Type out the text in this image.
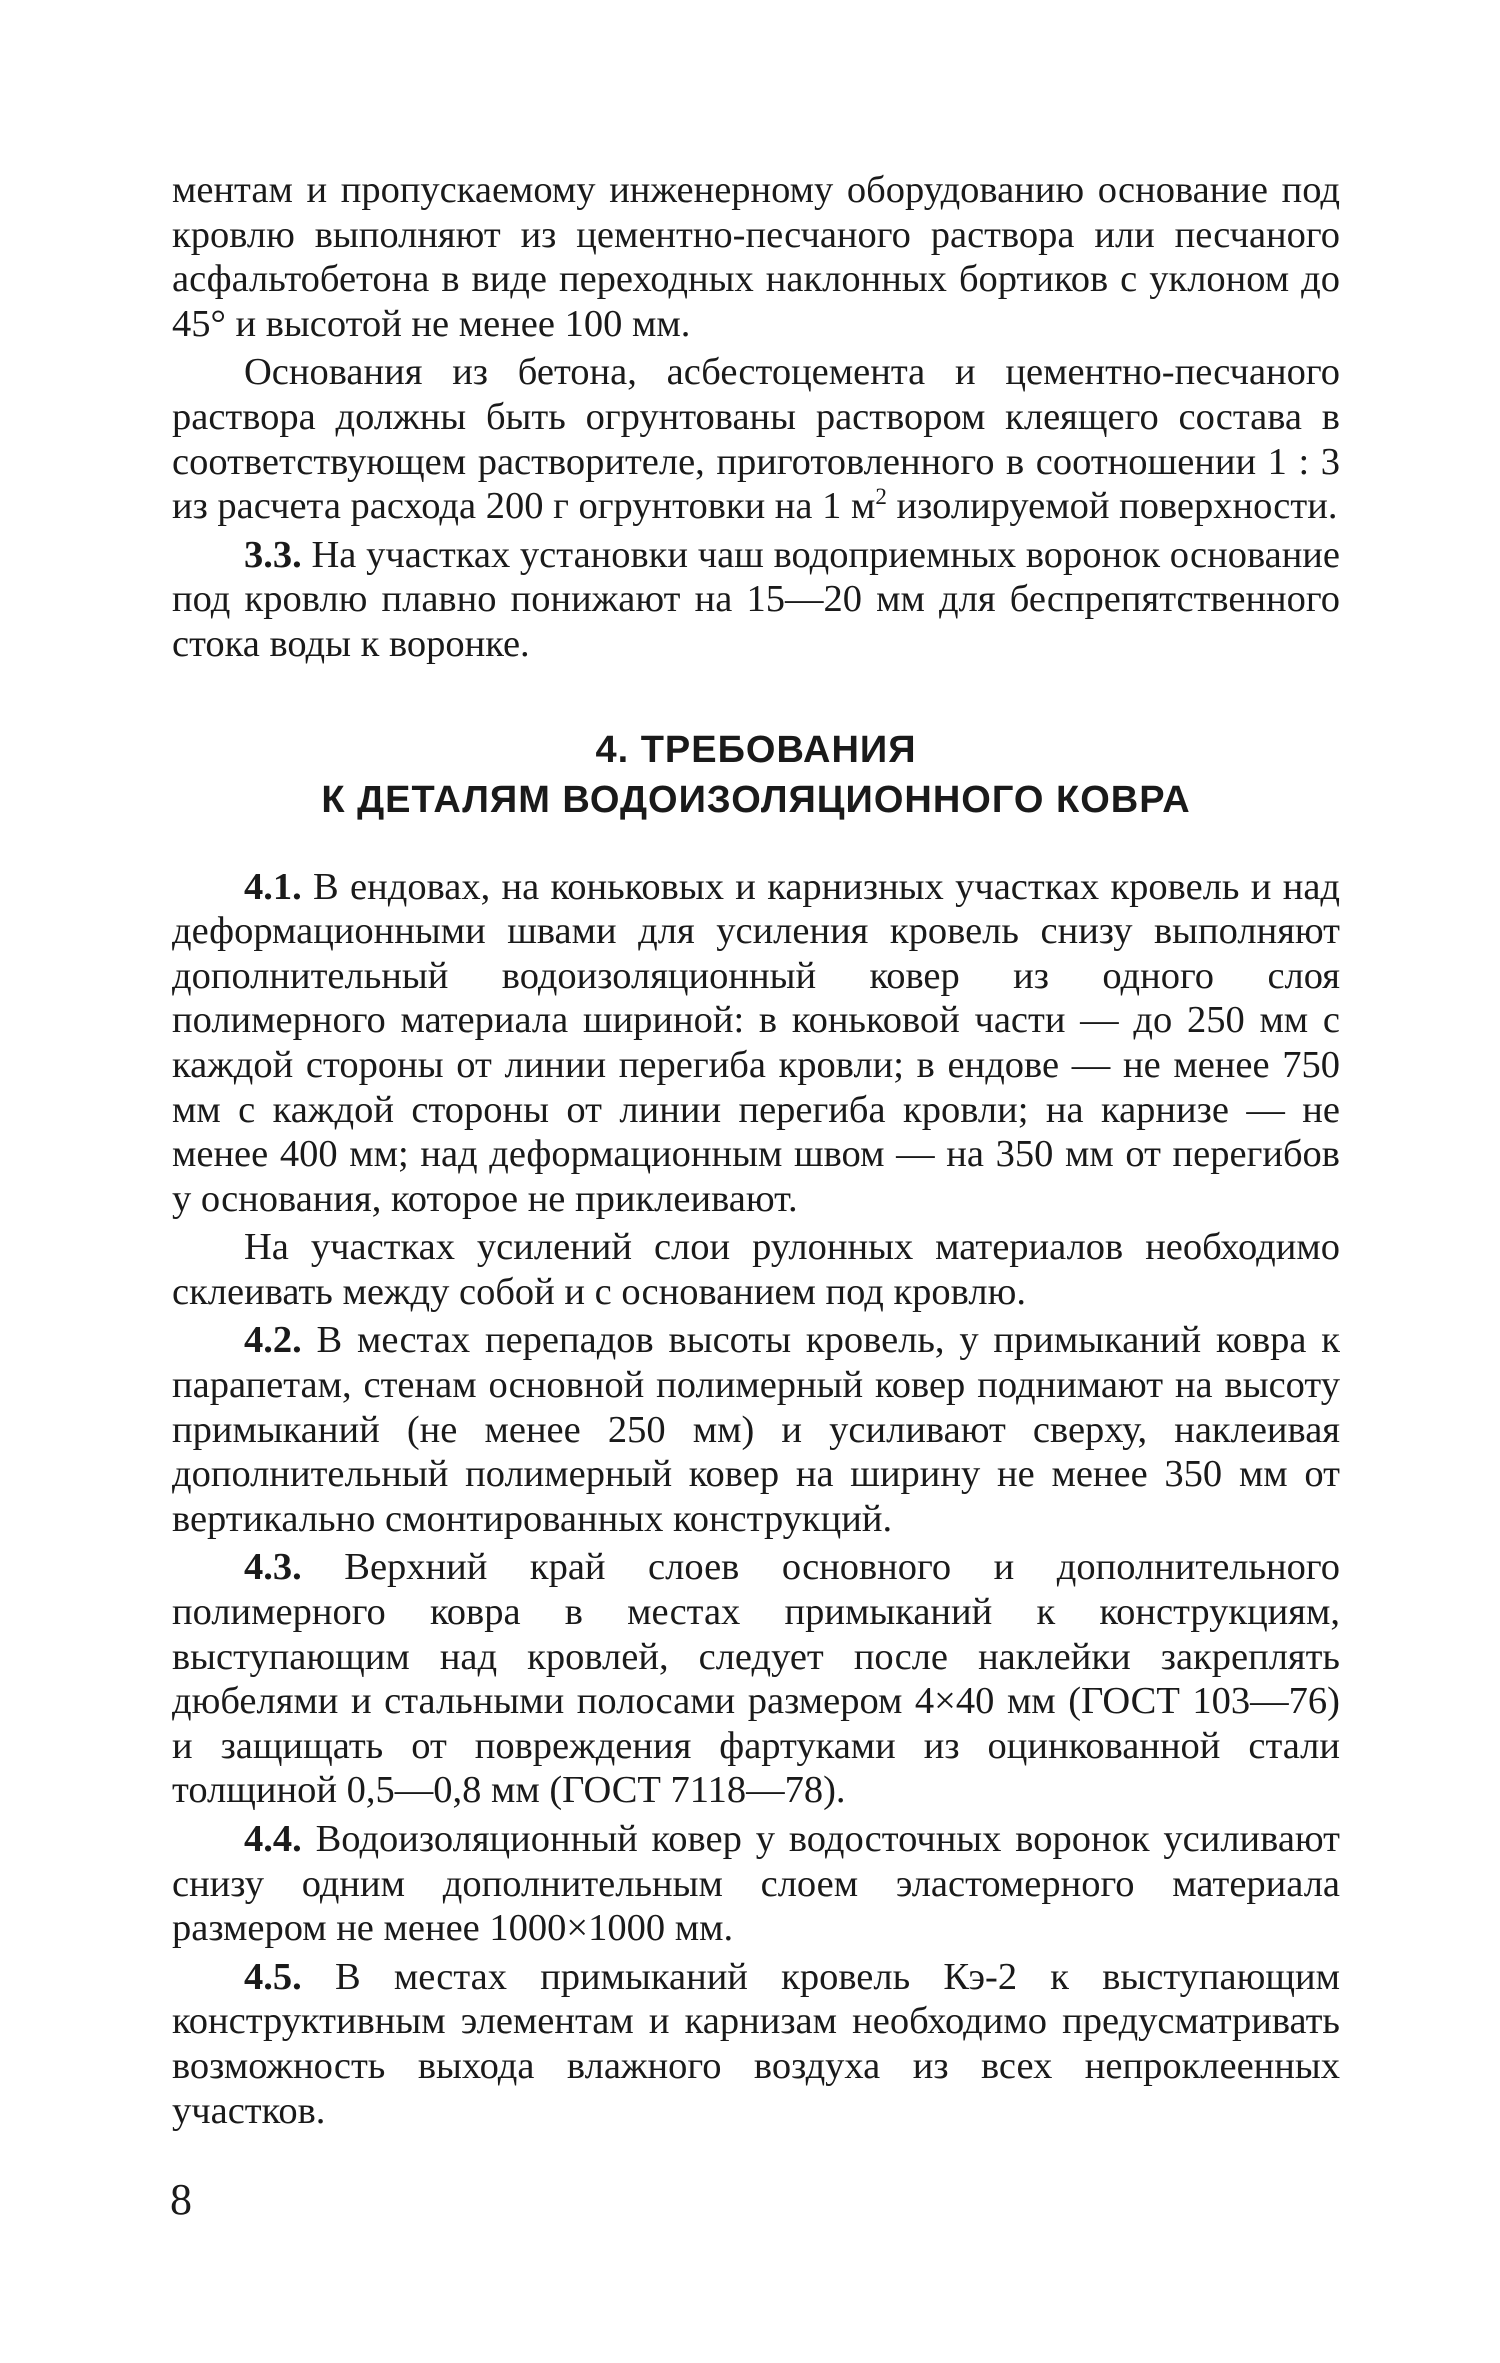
ментам и пропускаемому инженерному оборудованию основание под кровлю выполняют из цементно-песчаного раствора или песчаного асфальтобетона в виде переходных наклонных бортиков с уклоном до 45° и высотой не менее 100 мм.

Основания из бетона, асбестоцемента и цементно-песчаного раствора должны быть огрунтованы раствором клеящего состава в соответствующем растворителе, приготовленного в соотношении 1 : 3 из расчета расхода 200 г огрунтовки на 1 $м^2$ изолируемой поверхности.

3.3. На участках установки чаш водоприемных воронок основание под кровлю плавно понижают на 15—20 мм для беспрепятственного стока воды к воронке.

4. ТРЕБОВАНИЯ
К ДЕТАЛЯМ ВОДОИЗОЛЯЦИОННОГО КОВРА

4.1. В ендовах, на коньковых и карнизных участках кровель и над деформационными швами для усиления кровель снизу выполняют дополнительный водоизоляционный ковер из одного слоя полимерного материала шириной: в коньковой части — до 250 мм с каждой стороны от линии перегиба кровли; в ендове — не менее 750 мм с каждой стороны от линии перегиба кровли; на карнизе — не менее 400 мм; над деформационным швом — на 350 мм от перегибов у основания, которое не приклеивают.

На участках усилений слои рулонных материалов необходимо склеивать между собой и с основанием под кровлю.

4.2. В местах перепадов высоты кровель, у примыканий ковра к парапетам, стенам основной полимерный ковер поднимают на высоту примыканий (не менее 250 мм) и усиливают сверху, наклеивая дополнительный полимерный ковер на ширину не менее 350 мм от вертикально смонтированных конструкций.

4.3. Верхний край слоев основного и дополнительного полимерного ковра в местах примыканий к конструкциям, выступающим над кровлей, следует после наклейки закреплять дюбелями и стальными полосами размером 4×40 мм (ГОСТ 103—76) и защищать от повреждения фартуками из оцинкованной стали толщиной 0,5—0,8 мм (ГОСТ 7118—78).

4.4. Водоизоляционный ковер у водосточных воронок усиливают снизу одним дополнительным слоем эластомерного материала размером не менее 1000×1000 мм.

4.5. В местах примыканий кровель Кэ-2 к выступающим конструктивным элементам и карнизам необходимо предусматривать возможность выхода влажного воздуха из всех непроклеенных участков.

8
